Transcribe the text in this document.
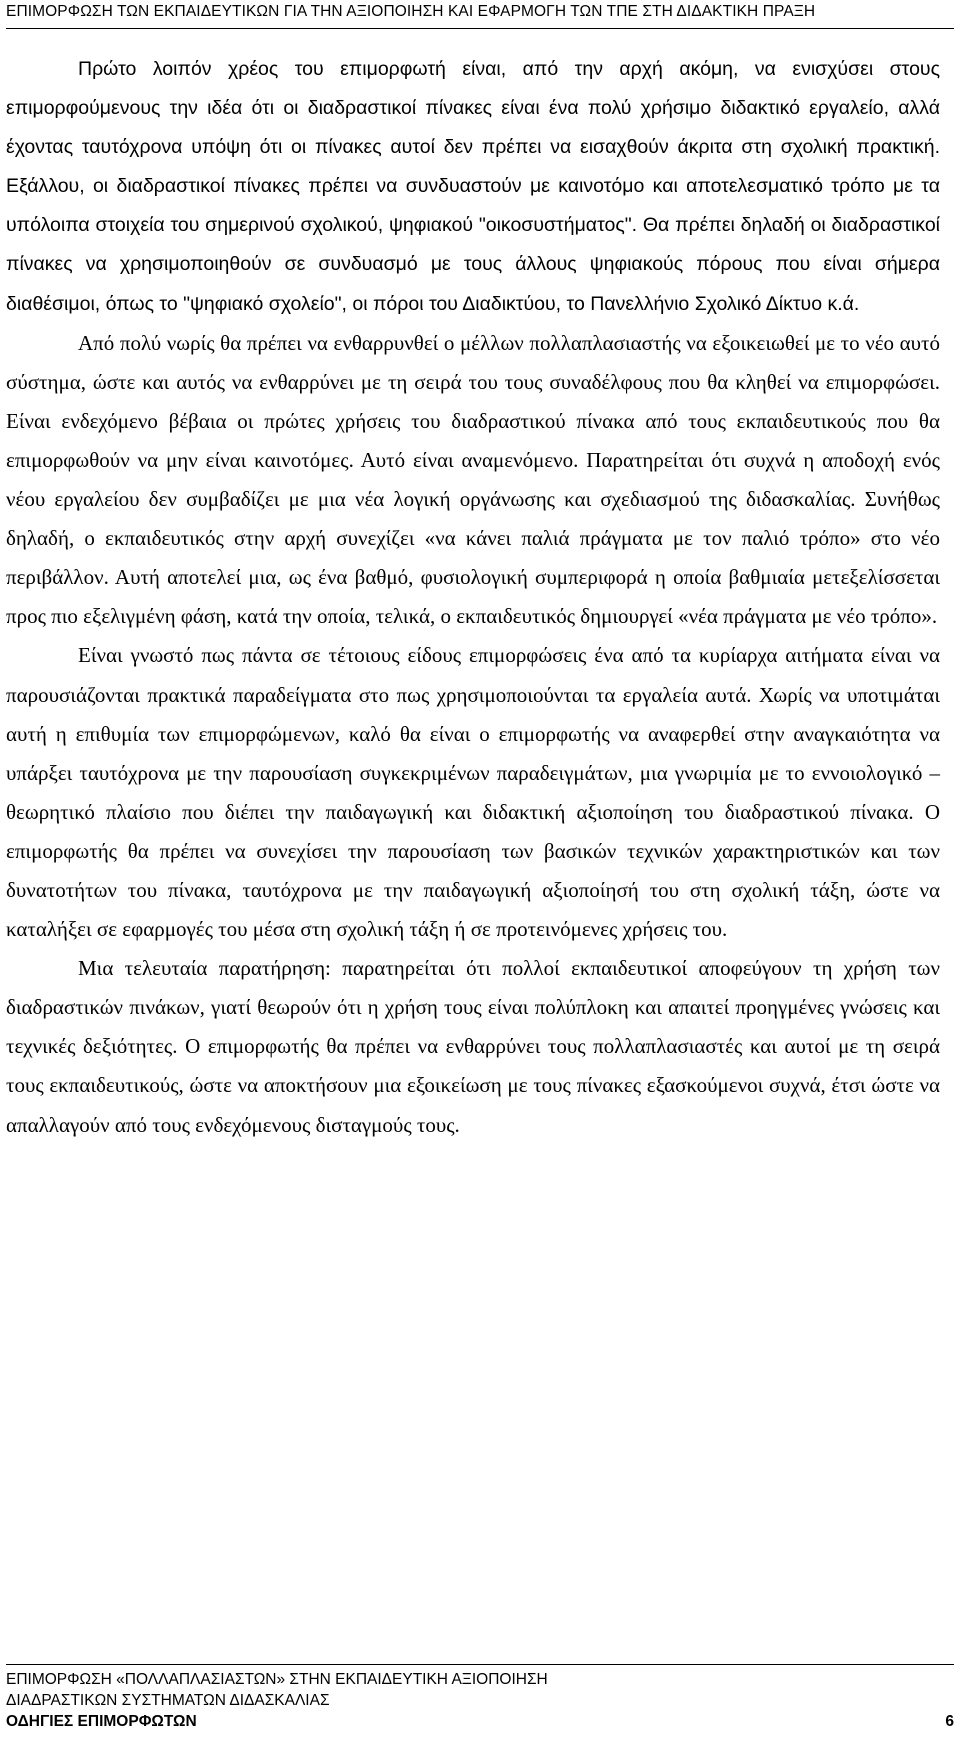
ΕΠΙΜΟΡΦΩΣΗ ΤΩΝ ΕΚΠΑΙΔΕΥΤΙΚΩΝ ΓΙΑ ΤΗΝ ΑΞΙΟΠΟΙΗΣΗ ΚΑΙ ΕΦΑΡΜΟΓΗ ΤΩΝ ΤΠΕ ΣΤΗ ΔΙΔΑΚΤΙΚΗ ΠΡΑΞΗ

Πρώτο λοιπόν χρέος του επιμορφωτή είναι, από την αρχή ακόμη, να ενισχύσει στους επιμορφούμενους την ιδέα ότι οι διαδραστικοί πίνακες είναι ένα πολύ χρήσιμο διδακτικό εργαλείο, αλλά έχοντας ταυτόχρονα υπόψη ότι οι πίνακες αυτοί δεν πρέπει να εισαχθούν άκριτα στη σχολική πρακτική. Εξάλλου, οι διαδραστικοί πίνακες πρέπει να συνδυαστούν με καινοτόμο και αποτελεσματικό τρόπο με τα υπόλοιπα στοιχεία του σημερινού σχολικού, ψηφιακού "οικοσυστήματος". Θα πρέπει δηλαδή οι διαδραστικοί πίνακες να χρησιμοποιηθούν σε συνδυασμό με τους άλλους ψηφιακούς πόρους που είναι σήμερα διαθέσιμοι, όπως το "ψηφιακό σχολείο", οι πόροι του Διαδικτύου, το Πανελλήνιο Σχολικό Δίκτυο κ.ά.

Από πολύ νωρίς θα πρέπει να ενθαρρυνθεί ο μέλλων πολλαπλασιαστής να εξοικειωθεί με το νέο αυτό σύστημα, ώστε και αυτός να ενθαρρύνει με τη σειρά του τους συναδέλφους που θα κληθεί να επιμορφώσει. Είναι ενδεχόμενο βέβαια οι πρώτες χρήσεις του διαδραστικού πίνακα από τους εκπαιδευτικούς που θα επιμορφωθούν να μην είναι καινοτόμες. Αυτό είναι αναμενόμενο. Παρατηρείται ότι συχνά η αποδοχή ενός νέου εργαλείου δεν συμβαδίζει με μια νέα λογική οργάνωσης και σχεδιασμού της διδασκαλίας. Συνήθως δηλαδή, ο εκπαιδευτικός στην αρχή συνεχίζει «να κάνει παλιά πράγματα με τον παλιό τρόπο» στο νέο περιβάλλον. Αυτή αποτελεί μια, ως ένα βαθμό, φυσιολογική συμπεριφορά η οποία βαθμιαία μετεξελίσσεται προς πιο εξελιγμένη φάση, κατά την οποία, τελικά, ο εκπαιδευτικός δημιουργεί «νέα πράγματα με νέο τρόπο».

Είναι γνωστό πως πάντα σε τέτοιους είδους επιμορφώσεις ένα από τα κυρίαρχα αιτήματα είναι να παρουσιάζονται πρακτικά παραδείγματα στο πως χρησιμοποιούνται τα εργαλεία αυτά. Χωρίς να υποτιμάται αυτή η επιθυμία των επιμορφώμενων, καλό θα είναι ο επιμορφωτής να αναφερθεί στην αναγκαιότητα να υπάρξει ταυτόχρονα με την παρουσίαση συγκεκριμένων παραδειγμάτων, μια γνωριμία με το εννοιολογικό – θεωρητικό πλαίσιο που διέπει την παιδαγωγική και διδακτική αξιοποίηση του διαδραστικού πίνακα. Ο επιμορφωτής θα πρέπει να συνεχίσει την παρουσίαση των βασικών τεχνικών χαρακτηριστικών και των δυνατοτήτων του πίνακα, ταυτόχρονα με την παιδαγωγική αξιοποίησή του στη σχολική τάξη, ώστε να καταλήξει σε εφαρμογές του μέσα στη σχολική τάξη ή σε προτεινόμενες χρήσεις του.

Μια τελευταία παρατήρηση: παρατηρείται ότι πολλοί εκπαιδευτικοί αποφεύγουν τη χρήση των διαδραστικών πινάκων, γιατί θεωρούν ότι η χρήση τους είναι πολύπλοκη και απαιτεί προηγμένες γνώσεις και τεχνικές δεξιότητες. Ο επιμορφωτής θα πρέπει να ενθαρρύνει τους πολλαπλασιαστές και αυτοί με τη σειρά τους εκπαιδευτικούς, ώστε να αποκτήσουν μια εξοικείωση με τους πίνακες εξασκούμενοι συχνά, έτσι ώστε να απαλλαγούν από τους ενδεχόμενους δισταγμούς τους.

ΕΠΙΜΟΡΦΩΣΗ «ΠΟΛΛΑΠΛΑΣΙΑΣΤΩΝ» ΣΤΗΝ ΕΚΠΑΙΔΕΥΤΙΚΗ ΑΞΙΟΠΟΙΗΣΗ
ΔΙΑΔΡΑΣΤΙΚΩΝ ΣΥΣΤΗΜΑΤΩΝ ΔΙΔΑΣΚΑΛΙΑΣ
ΟΔΗΓΙΕΣ ΕΠΙΜΟΡΦΩΤΩΝ	6
